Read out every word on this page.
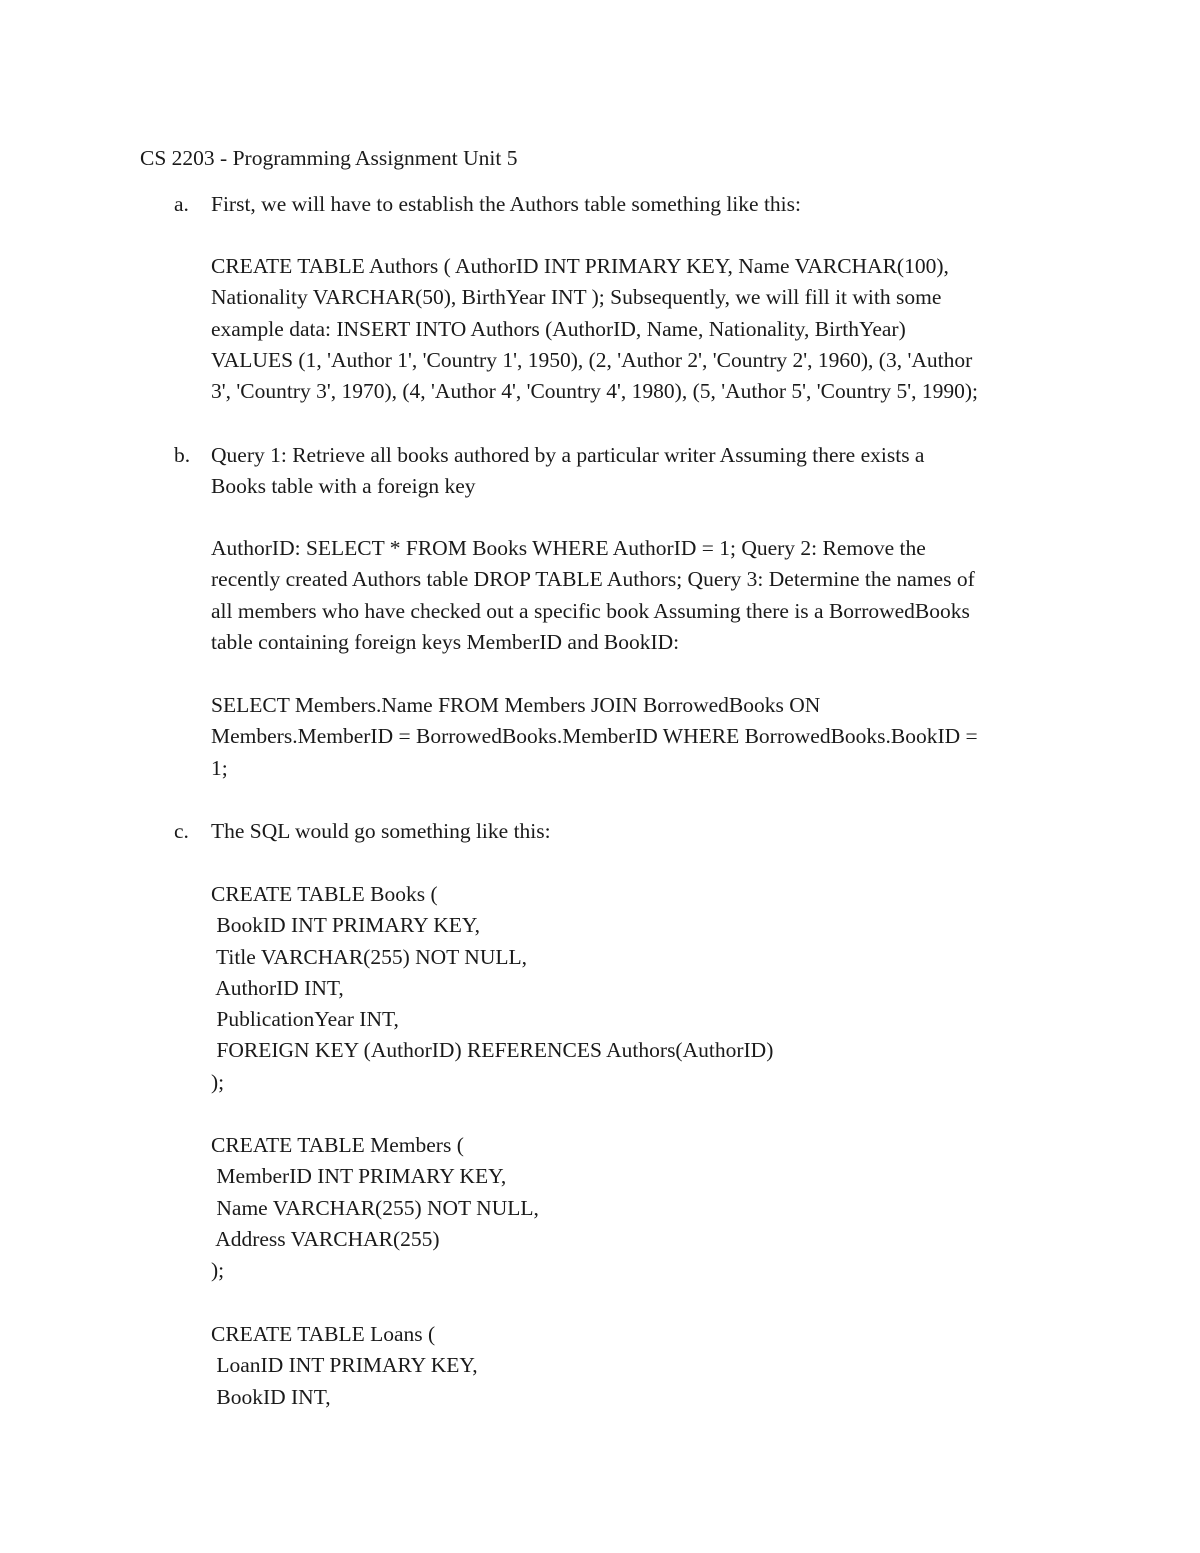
CS 2203 - Programming Assignment Unit 5
a. First, we will have to establish the Authors table something like this:
CREATE TABLE Authors ( AuthorID INT PRIMARY KEY, Name VARCHAR(100),
Nationality VARCHAR(50), BirthYear INT ); Subsequently, we will fill it with some
example data: INSERT INTO Authors (AuthorID, Name, Nationality, BirthYear)
VALUES (1, 'Author 1', 'Country 1', 1950), (2, 'Author 2', 'Country 2', 1960), (3, 'Author
3', 'Country 3', 1970), (4, 'Author 4', 'Country 4', 1980), (5, 'Author 5', 'Country 5', 1990);
b. Query 1: Retrieve all books authored by a particular writer Assuming there exists a
Books table with a foreign key
AuthorID: SELECT * FROM Books WHERE AuthorID = 1; Query 2: Remove the
recently created Authors table DROP TABLE Authors; Query 3: Determine the names of
all members who have checked out a specific book Assuming there is a BorrowedBooks
table containing foreign keys MemberID and BookID:
SELECT Members.Name FROM Members JOIN BorrowedBooks ON
Members.MemberID = BorrowedBooks.MemberID WHERE BorrowedBooks.BookID =
1;
c. The SQL would go something like this:
CREATE TABLE Books (
BookID INT PRIMARY KEY,
Title VARCHAR(255) NOT NULL,
AuthorID INT,
PublicationYear INT,
FOREIGN KEY (AuthorID) REFERENCES Authors(AuthorID)
);
CREATE TABLE Members (
MemberID INT PRIMARY KEY,
Name VARCHAR(255) NOT NULL,
Address VARCHAR(255)
);
CREATE TABLE Loans (
LoanID INT PRIMARY KEY,
BookID INT,
